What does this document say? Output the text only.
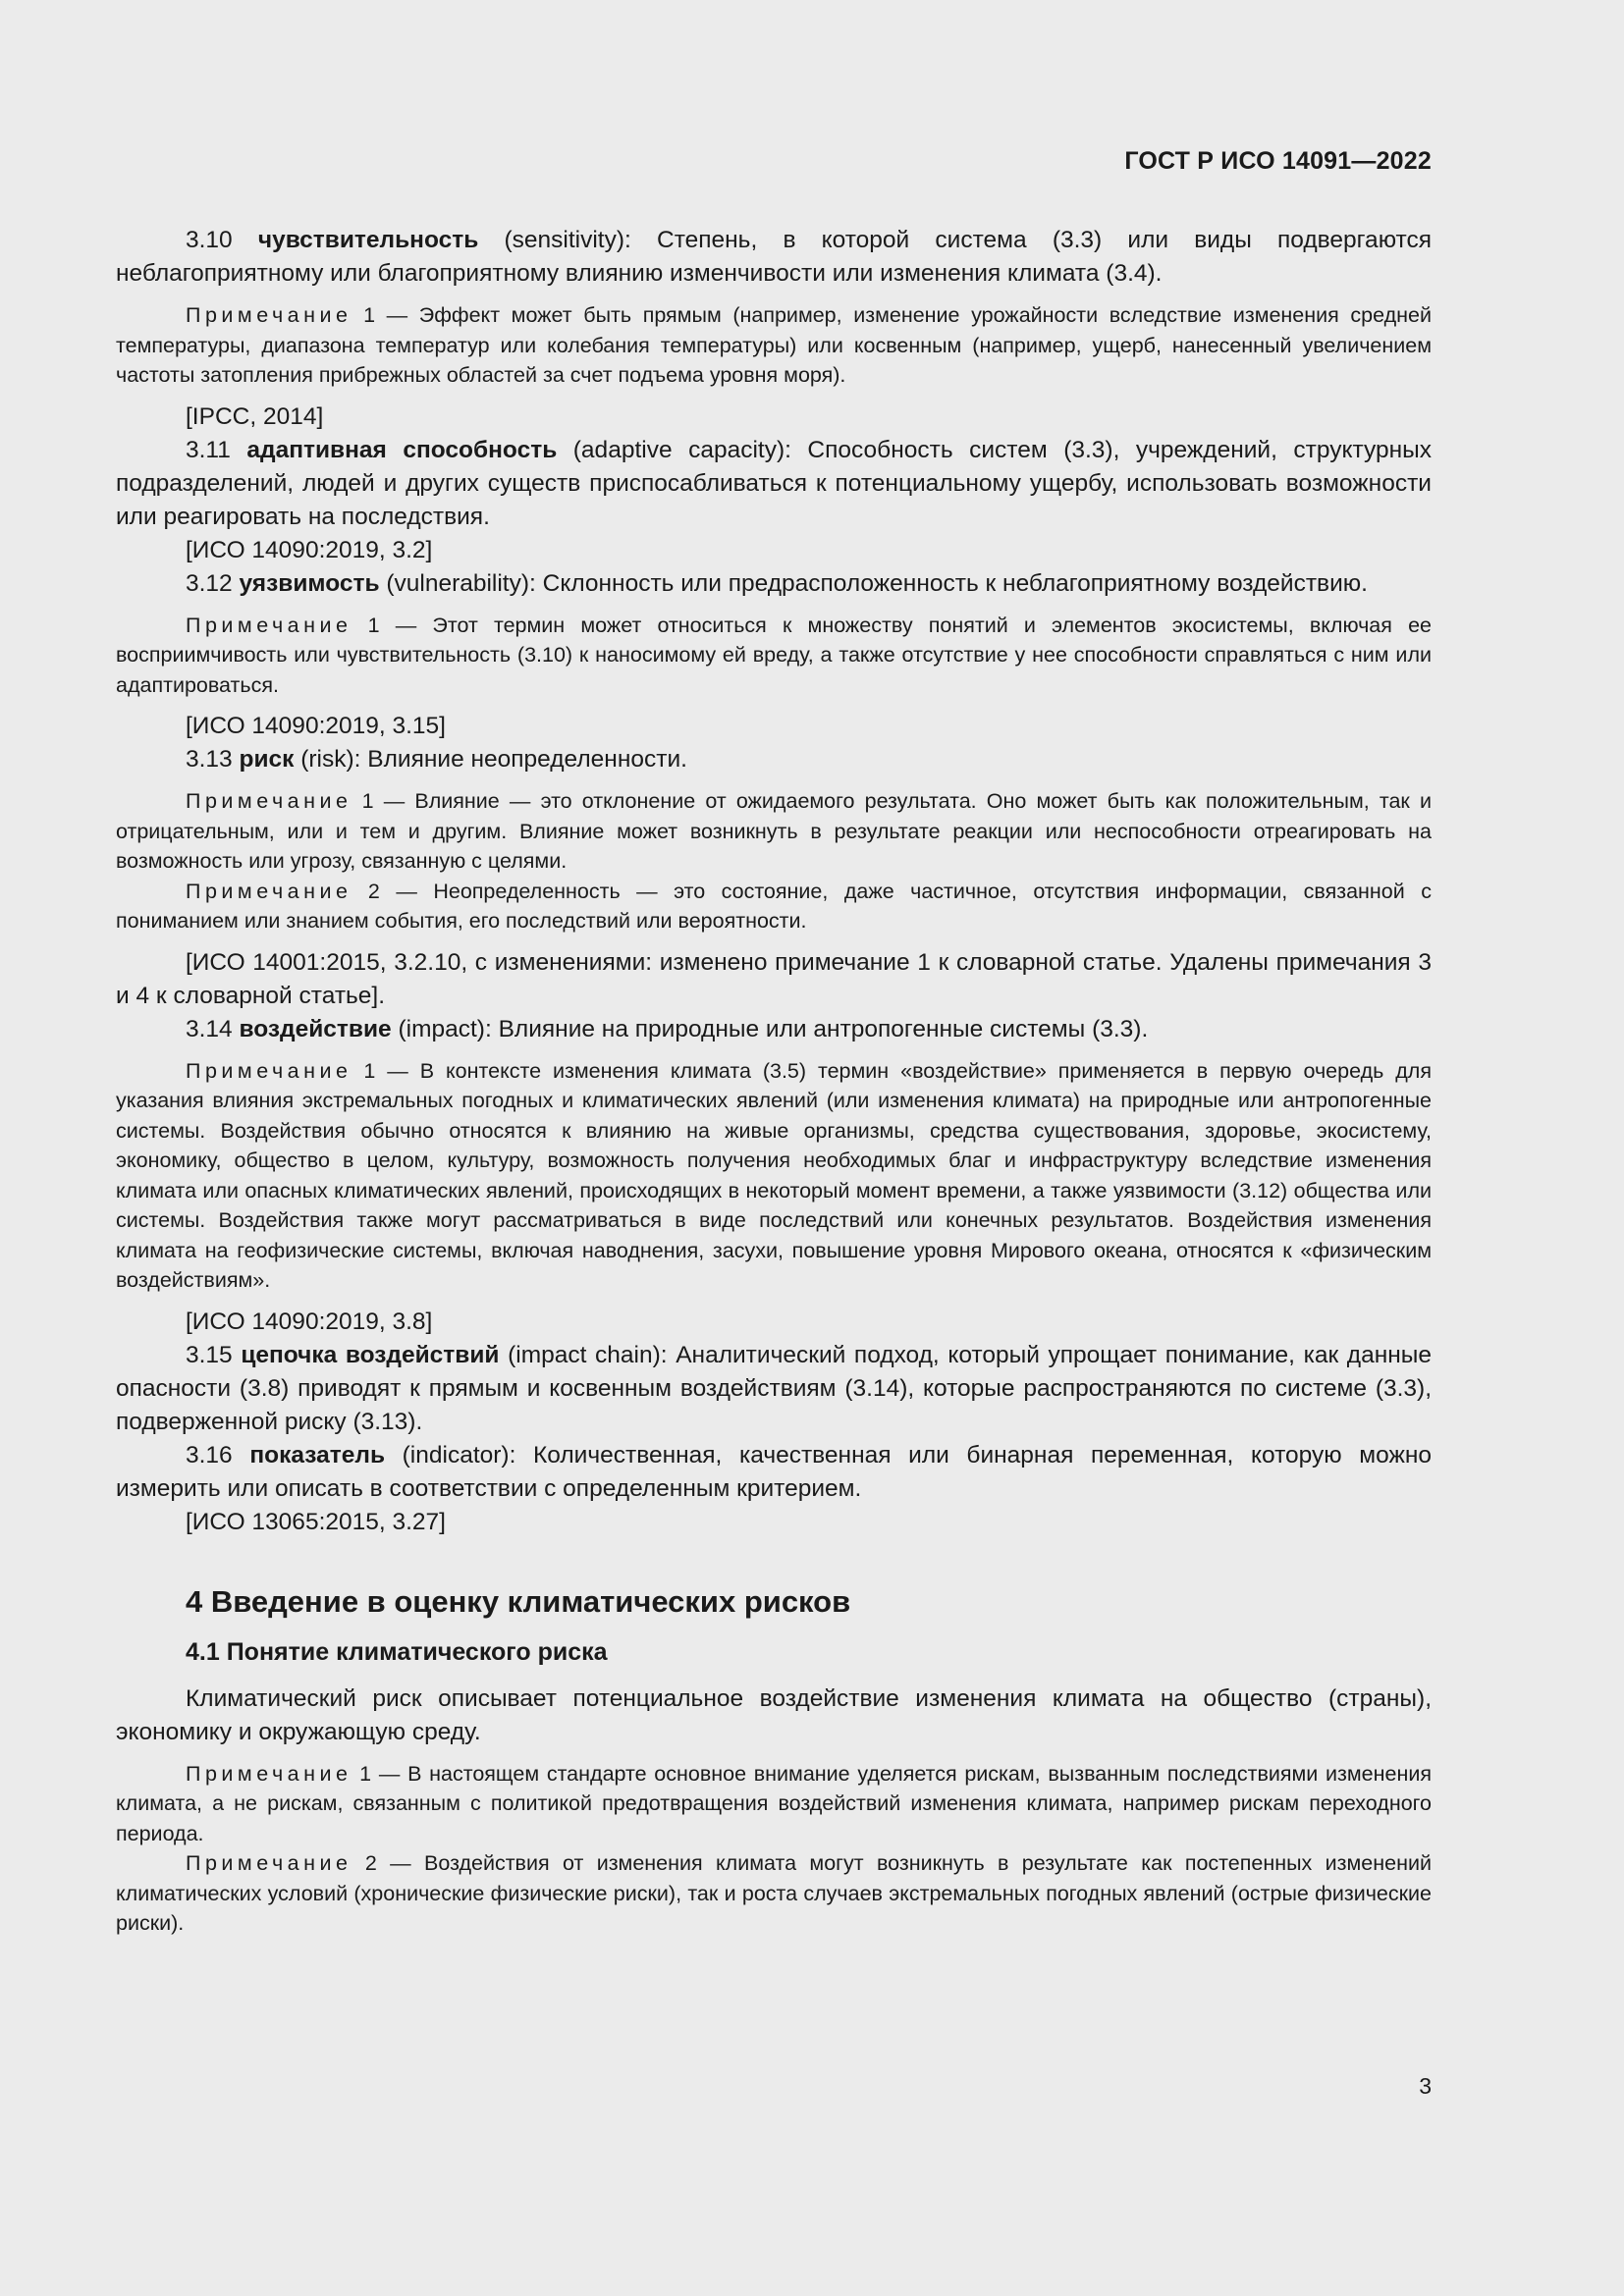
ГОСТ Р ИСО 14091—2022

3.10 чувствительность (sensitivity): Степень, в которой система (3.3) или виды подвергаются неблагоприятному или благоприятному влиянию изменчивости или изменения климата (3.4).

Примечание 1 — Эффект может быть прямым (например, изменение урожайности вследствие изменения средней температуры, диапазона температур или колебания температуры) или косвенным (например, ущерб, нанесенный увеличением частоты затопления прибрежных областей за счет подъема уровня моря).

[IPCC, 2014]

3.11 адаптивная способность (adaptive capacity): Способность систем (3.3), учреждений, структурных подразделений, людей и других существ приспосабливаться к потенциальному ущербу, использовать возможности или реагировать на последствия.

[ИСО 14090:2019, 3.2]

3.12 уязвимость (vulnerability): Склонность или предрасположенность к неблагоприятному воздействию.

Примечание 1 — Этот термин может относиться к множеству понятий и элементов экосистемы, включая ее восприимчивость или чувствительность (3.10) к наносимому ей вреду, а также отсутствие у нее способности справляться с ним или адаптироваться.

[ИСО 14090:2019, 3.15]

3.13 риск (risk): Влияние неопределенности.

Примечание 1 — Влияние — это отклонение от ожидаемого результата. Оно может быть как положительным, так и отрицательным, или и тем и другим. Влияние может возникнуть в результате реакции или неспособности отреагировать на возможность или угрозу, связанную с целями.

Примечание 2 — Неопределенность — это состояние, даже частичное, отсутствия информации, связанной с пониманием или знанием события, его последствий или вероятности.

[ИСО 14001:2015, 3.2.10, с изменениями: изменено примечание 1 к словарной статье. Удалены примечания 3 и 4 к словарной статье].

3.14 воздействие (impact): Влияние на природные или антропогенные системы (3.3).

Примечание 1 — В контексте изменения климата (3.5) термин «воздействие» применяется в первую очередь для указания влияния экстремальных погодных и климатических явлений (или изменения климата) на природные или антропогенные системы. Воздействия обычно относятся к влиянию на живые организмы, средства существования, здоровье, экосистему, экономику, общество в целом, культуру, возможность получения необходимых благ и инфраструктуру вследствие изменения климата или опасных климатических явлений, происходящих в некоторый момент времени, а также уязвимости (3.12) общества или системы. Воздействия также могут рассматриваться в виде последствий или конечных результатов. Воздействия изменения климата на геофизические системы, включая наводнения, засухи, повышение уровня Мирового океана, относятся к «физическим воздействиям».

[ИСО 14090:2019, 3.8]

3.15 цепочка воздействий (impact chain): Аналитический подход, который упрощает понимание, как данные опасности (3.8) приводят к прямым и косвенным воздействиям (3.14), которые распространяются по системе (3.3), подверженной риску (3.13).

3.16 показатель (indicator): Количественная, качественная или бинарная переменная, которую можно измерить или описать в соответствии с определенным критерием.

[ИСО 13065:2015, 3.27]

4 Введение в оценку климатических рисков
4.1 Понятие климатического риска

Климатический риск описывает потенциальное воздействие изменения климата на общество (страны), экономику и окружающую среду.

Примечание 1 — В настоящем стандарте основное внимание уделяется рискам, вызванным последствиями изменения климата, а не рискам, связанным с политикой предотвращения воздействий изменения климата, например рискам переходного периода.

Примечание 2 — Воздействия от изменения климата могут возникнуть в результате как постепенных изменений климатических условий (хронические физические риски), так и роста случаев экстремальных погодных явлений (острые физические риски).

3
